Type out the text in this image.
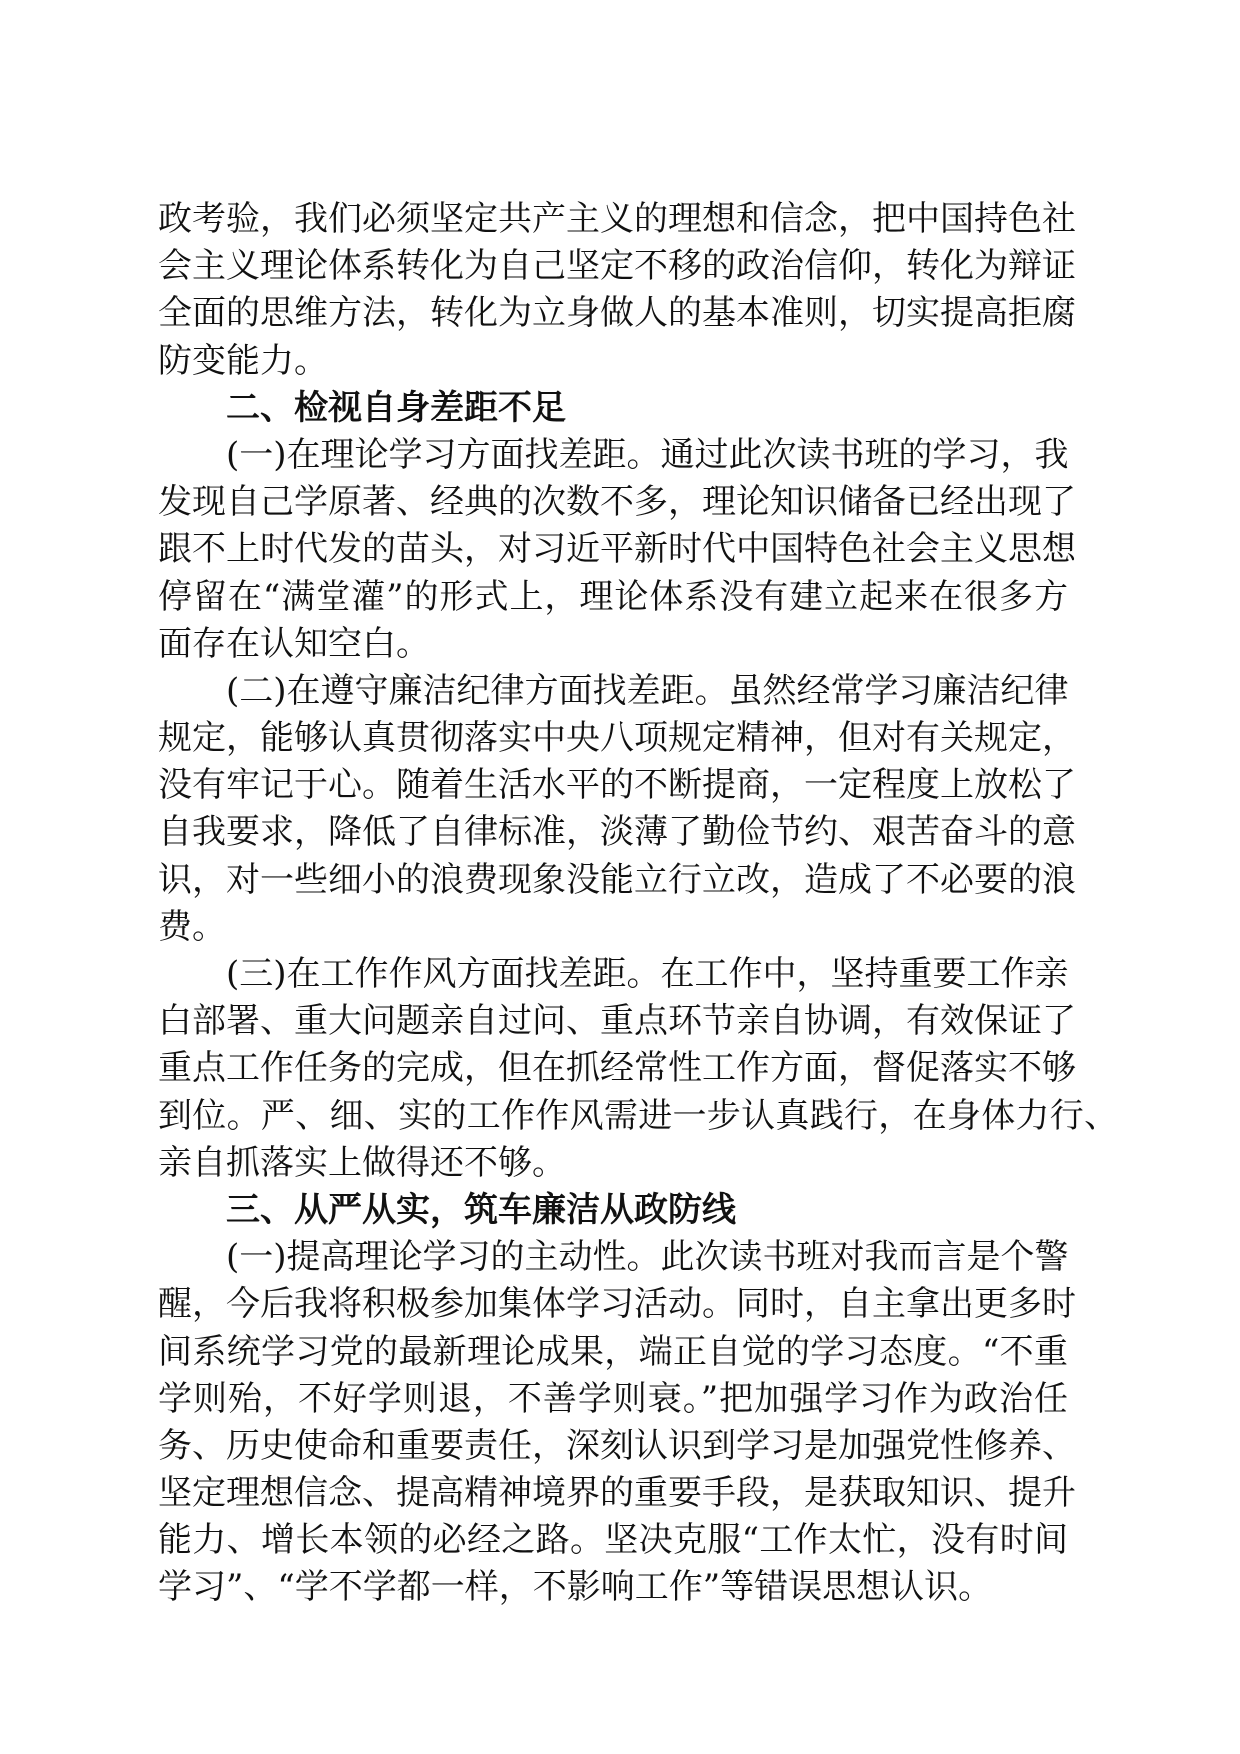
政考验，我们必须坚定共产主义的理想和信念，把中国持色社
会主义理论体系转化为自己坚定不移的政治信仰，转化为辩证
全面的思维方法，转化为立身做人的基本准则，切实提高拒腐
防变能力。
二、检视自身差距不足
(一)在理论学习方面找差距。通过此次读书班的学习，我
发现自己学原著、经典的次数不多，理论知识储备已经出现了
跟不上时代发的苗头，对习近平新时代中国特色社会主义思想
停留在“满堂灌”的形式上，理论体系没有建立起来在很多方
面存在认知空白。
(二)在遵守廉洁纪律方面找差距。虽然经常学习廉洁纪律
规定，能够认真贯彻落实中央八项规定精神，但对有关规定，
没有牢记于心。随着生活水平的不断提商，一定程度上放松了
自我要求，降低了自律标准，淡薄了勤俭节约、艰苦奋斗的意
识，对一些细小的浪费现象没能立行立改，造成了不必要的浪
费。
(三)在工作作风方面找差距。在工作中，坚持重要工作亲
白部署、重大问题亲自过问、重点环节亲自协调，有效保证了
重点工作任务的完成，但在抓经常性工作方面，督促落实不够
到位。严、细、实的工作作风需进一步认真践行，在身体力行、
亲自抓落实上做得还不够。
三、从严从实，筑车廉洁从政防线
(一)提高理论学习的主动性。此次读书班对我而言是个警
醒，今后我将积极参加集体学习活动。同时，自主拿出更多时
间系统学习党的最新理论成果，端正自觉的学习态度。“不重
学则殆，不好学则退，不善学则衰。”把加强学习作为政治任
务、历史使命和重要责任，深刻认识到学习是加强党性修养、
坚定理想信念、提高精神境界的重要手段，是获取知识、提升
能力、增长本领的必经之路。坚决克服“工作太忙，没有时间
学习”、“学不学都一样，不影响工作”等错误思想认识。
